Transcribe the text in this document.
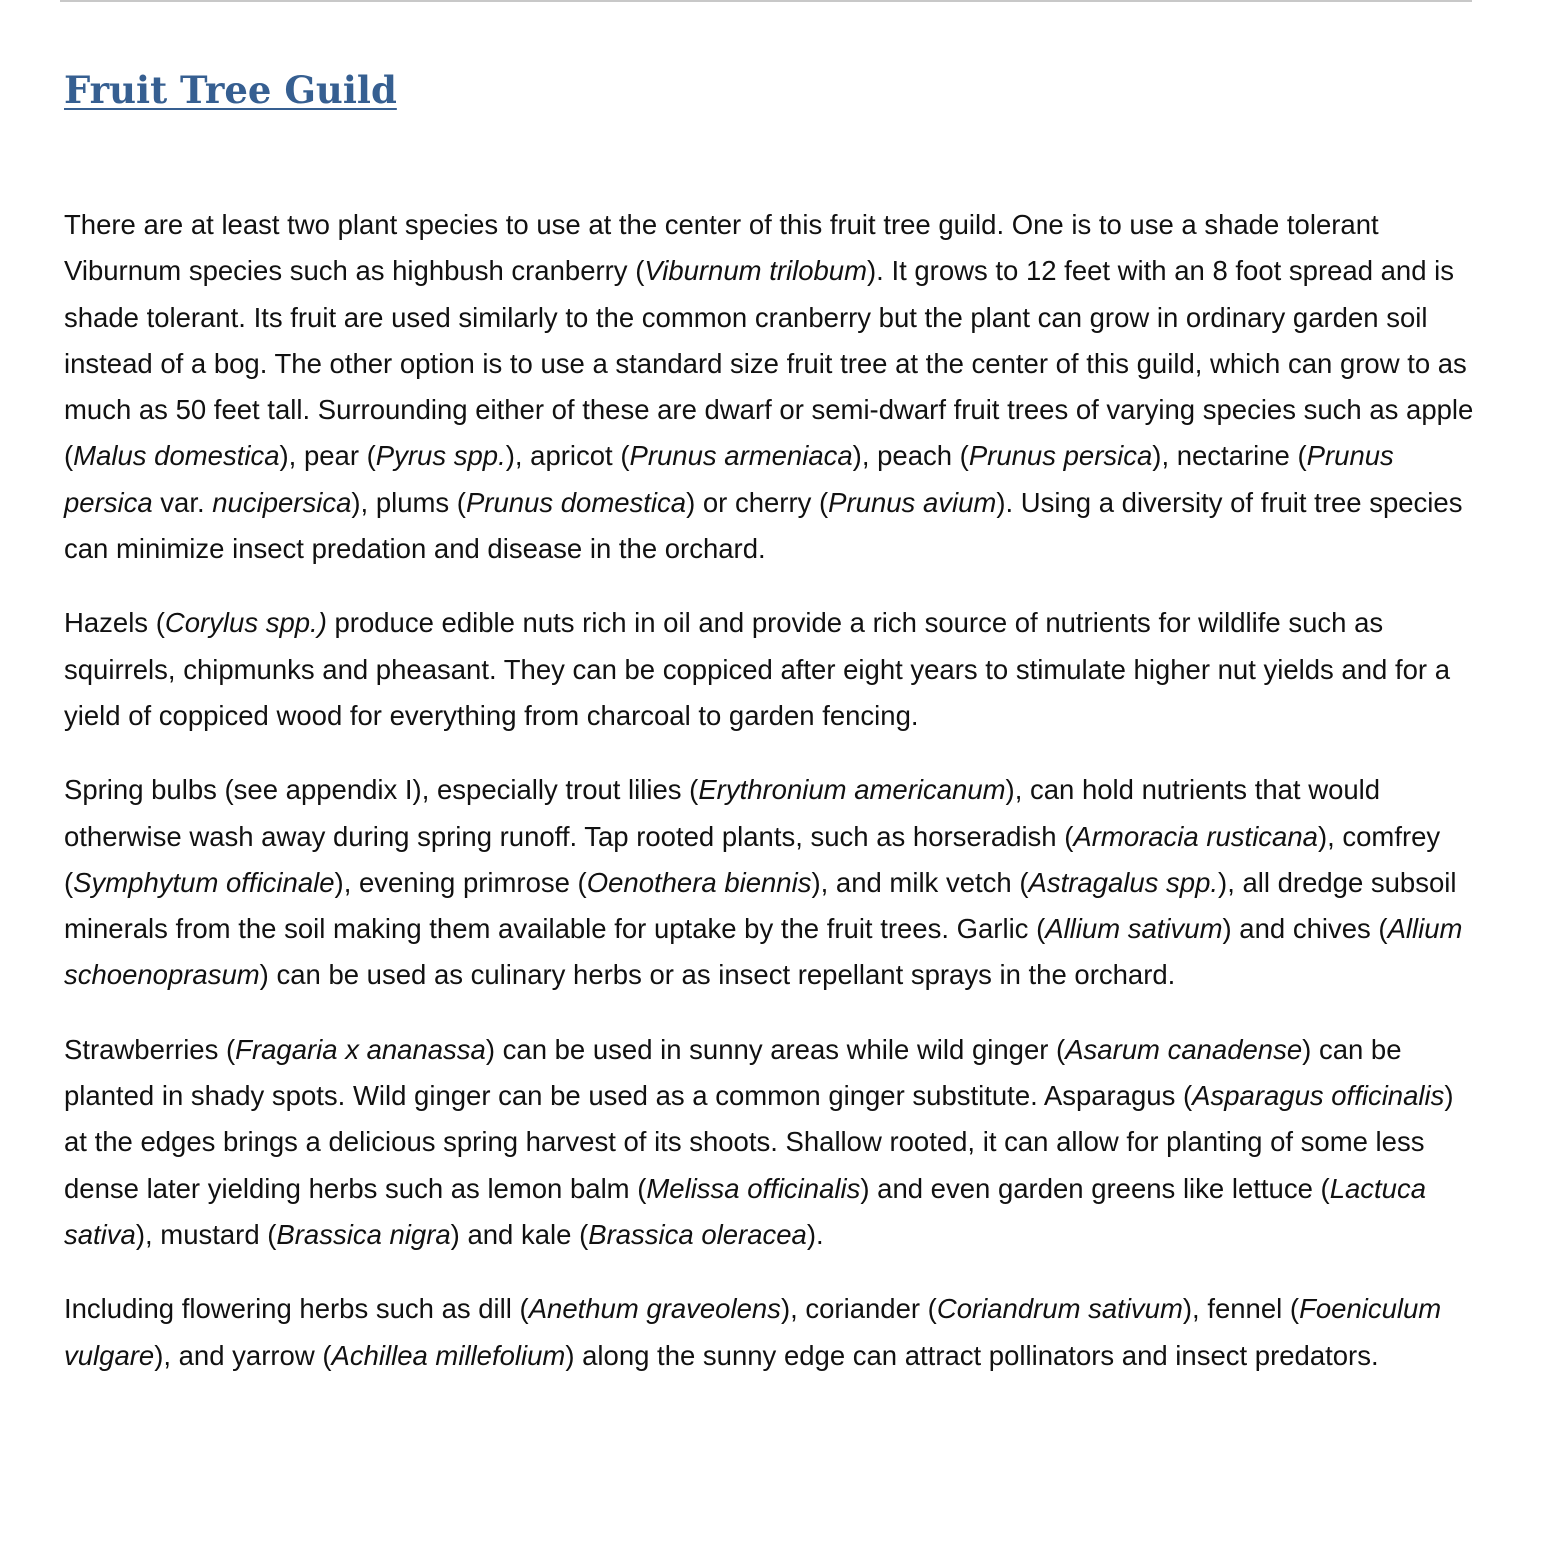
Fruit Tree Guild

There are at least two plant species to use at the center of this fruit tree guild. One is to use a shade tolerant Viburnum species such as highbush cranberry (Viburnum trilobum). It grows to 12 feet with an 8 foot spread and is shade tolerant. Its fruit are used similarly to the common cranberry but the plant can grow in ordinary garden soil instead of a bog. The other option is to use a standard size fruit tree at the center of this guild, which can grow to as much as 50 feet tall. Surrounding either of these are dwarf or semi-dwarf fruit trees of varying species such as apple (Malus domestica), pear (Pyrus spp.), apricot (Prunus armeniaca), peach (Prunus persica), nectarine (Prunus persica var. nucipersica), plums (Prunus domestica) or cherry (Prunus avium). Using a diversity of fruit tree species can minimize insect predation and disease in the orchard.

Hazels (Corylus spp.) produce edible nuts rich in oil and provide a rich source of nutrients for wildlife such as squirrels, chipmunks and pheasant. They can be coppiced after eight years to stimulate higher nut yields and for a yield of coppiced wood for everything from charcoal to garden fencing.

Spring bulbs (see appendix I), especially trout lilies (Erythronium americanum), can hold nutrients that would otherwise wash away during spring runoff. Tap rooted plants, such as horseradish (Armoracia rusticana), comfrey (Symphytum officinale), evening primrose (Oenothera biennis), and milk vetch (Astragalus spp.), all dredge subsoil minerals from the soil making them available for uptake by the fruit trees. Garlic (Allium sativum) and chives (Allium schoenoprasum) can be used as culinary herbs or as insect repellant sprays in the orchard.

Strawberries (Fragaria x ananassa) can be used in sunny areas while wild ginger (Asarum canadense) can be planted in shady spots. Wild ginger can be used as a common ginger substitute. Asparagus (Asparagus officinalis) at the edges brings a delicious spring harvest of its shoots. Shallow rooted, it can allow for planting of some less dense later yielding herbs such as lemon balm (Melissa officinalis) and even garden greens like lettuce (Lactuca sativa), mustard (Brassica nigra) and kale (Brassica oleracea).

Including flowering herbs such as dill (Anethum graveolens), coriander (Coriandrum sativum), fennel (Foeniculum vulgare), and yarrow (Achillea millefolium) along the sunny edge can attract pollinators and insect predators.
